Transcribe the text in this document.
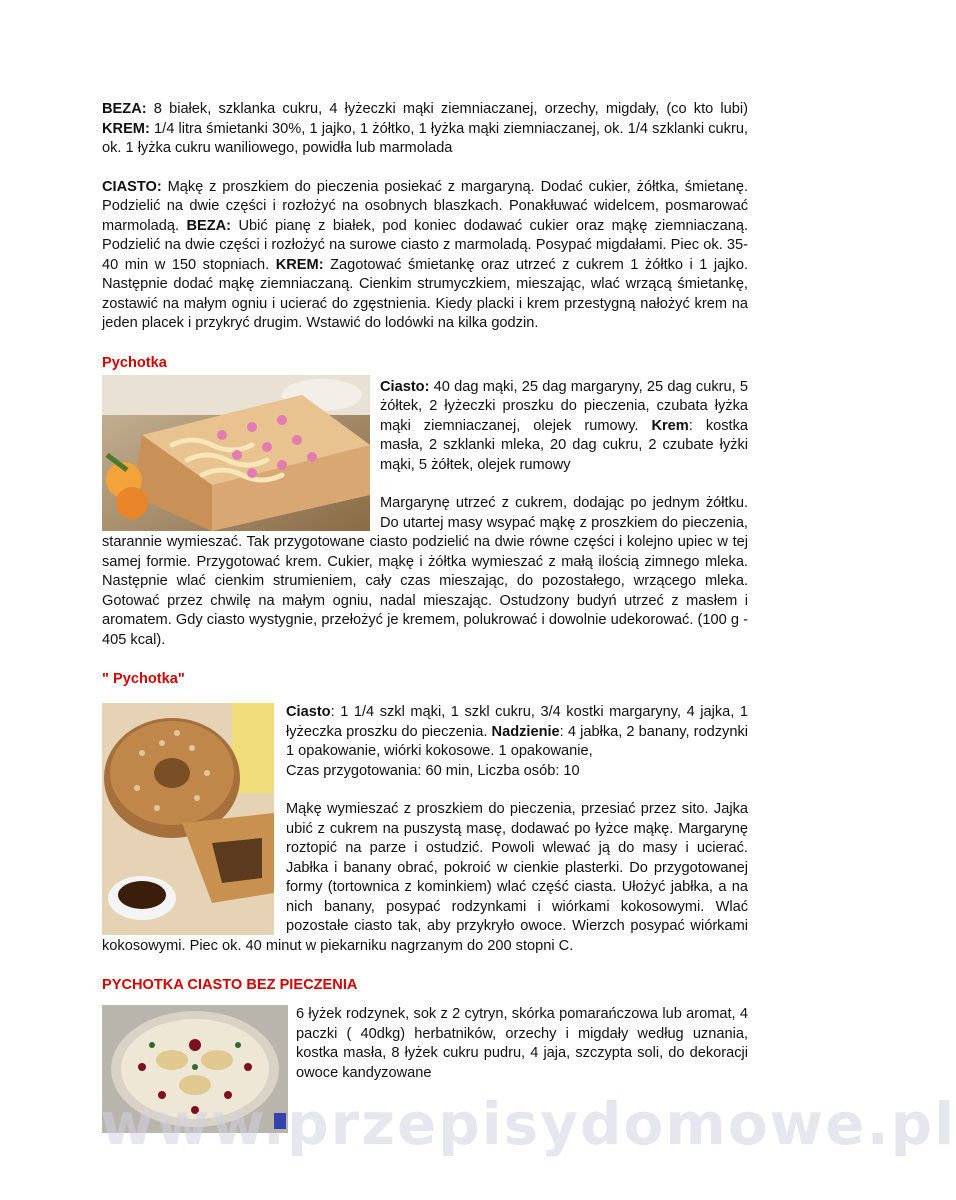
BEZA: 8 białek, szklanka cukru, 4 łyżeczki mąki ziemniaczanej, orzechy, migdały, (co kto lubi) KREM: 1/4 litra śmietanki 30%, 1 jajko, 1 żółtko, 1 łyżka mąki ziemniaczanej, ok. 1/4 szklanki cukru, ok. 1 łyżka cukru waniliowego, powidła lub marmolada

CIASTO: Mąkę z proszkiem do pieczenia posiekać z margaryną. Dodać cukier, żółtka, śmietanę. Podzielić na dwie części i rozłożyć na osobnych blaszkach. Ponakłuwać widelcem, posmarować marmoladą. BEZA: Ubić pianę z białek, pod koniec dodawać cukier oraz mąkę ziemniaczaną. Podzielić na dwie części i rozłożyć na surowe ciasto z marmoladą. Posypać migdałami. Piec ok. 35-40 min w 150 stopniach. KREM: Zagotować śmietankę oraz utrzeć z cukrem 1 żółtko i 1 jajko. Następnie dodać mąkę ziemniaczaną. Cienkim strumyczkiem, mieszając, wlać wrzącą śmietankę, zostawić na małym ogniu i ucierać do zgęstnienia. Kiedy placki i krem przestygną nałożyć krem na jeden placek i przykryć drugim. Wstawić do lodówki na kilka godzin.

Pychotka

Ciasto: 40 dag mąki, 25 dag margaryny, 25 dag cukru, 5 żółtek, 2 łyżeczki proszku do pieczenia, czubata łyżka mąki ziemniaczanej, olejek rumowy. Krem: kostka masła, 2 szklanki mleka, 20 dag cukru, 2 czubate łyżki mąki, 5 żółtek, olejek rumowy

Margarynę utrzeć z cukrem, dodając po jednym żółtku. Do utartej masy wsypać mąkę z proszkiem do pieczenia, starannie wymieszać. Tak przygotowane ciasto podzielić na dwie równe części i kolejno upiec w tej samej formie. Przygotować krem. Cukier, mąkę i żółtka wymieszać z małą ilością zimnego mleka. Następnie wlać cienkim strumieniem, cały czas mieszając, do pozostałego, wrzącego mleka. Gotować przez chwilę na małym ogniu, nadal mieszając. Ostudzony budyń utrzeć z masłem i aromatem. Gdy ciasto wystygnie, przełożyć je kremem, polukrować i dowolnie udekorować. (100 g - 405 kcal).

" Pychotka"

Ciasto: 1 1/4 szkl mąki, 1 szkl cukru, 3/4 kostki margaryny, 4 jajka, 1 łyżeczka proszku do pieczenia. Nadzienie: 4 jabłka, 2 banany, rodzynki 1 opakowanie, wiórki kokosowe. 1 opakowanie,

Czas przygotowania: 60 min, Liczba osób: 10

Mąkę wymieszać z proszkiem do pieczenia, przesiać przez sito. Jajka ubić z cukrem na puszystą masę, dodawać po łyżce mąkę. Margarynę roztopić na parze i ostudzić. Powoli wlewać ją do masy i ucierać. Jabłka i banany obrać, pokroić w cienkie plasterki. Do przygotowanej formy (tortownica z kominkiem) wlać część ciasta. Ułożyć jabłka, a na nich banany, posypać rodzynkami i wiórkami kokosowymi. Wlać pozostałe ciasto tak, aby przykryło owoce. Wierzch posypać wiórkami kokosowymi. Piec ok. 40 minut w piekarniku nagrzanym do 200 stopni C.

PYCHOTKA CIASTO BEZ PIECZENIA

6 łyżek rodzynek, sok z 2 cytryn, skórka pomarańczowa lub aromat, 4 paczki ( 40dkg) herbatników, orzechy i migdały według uznania, kostka masła, 8 łyżek cukru pudru, 4 jaja, szczypta soli, do dekoracji owoce kandyzowane

www.przepisydomowe.pl
